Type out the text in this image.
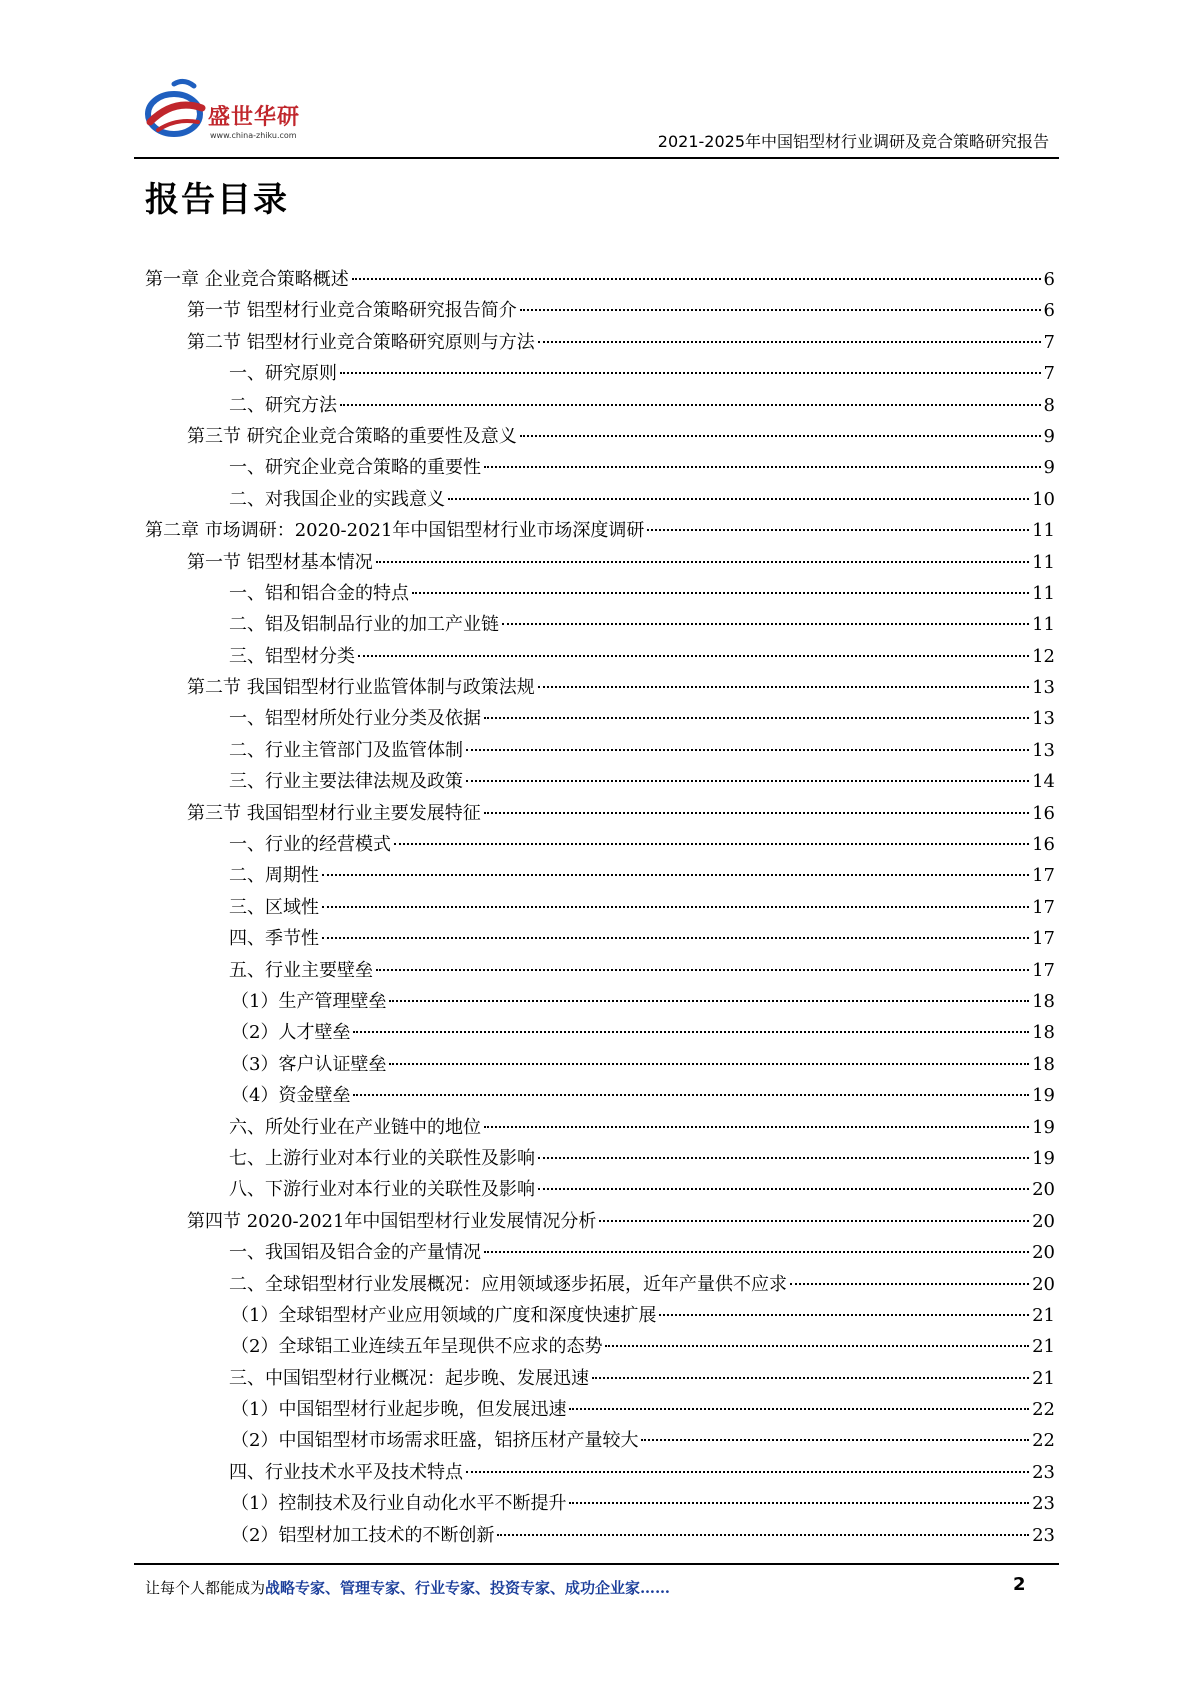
盛世华研
www.china-zhiku.com	2021-2025年中国铝型材行业调研及竞合策略研究报告
报告目录
第一章 企业竞合策略概述	6
第一节 铝型材行业竞合策略研究报告简介	6
第二节 铝型材行业竞合策略研究原则与方法	7
一、研究原则	7
二、研究方法	8
第三节 研究企业竞合策略的重要性及意义	9
一、研究企业竞合策略的重要性	9
二、对我国企业的实践意义	10
第二章 市场调研：2020-2021年中国铝型材行业市场深度调研	11
第一节 铝型材基本情况	11
一、铝和铝合金的特点	11
二、铝及铝制品行业的加工产业链	11
三、铝型材分类	12
第二节 我国铝型材行业监管体制与政策法规	13
一、铝型材所处行业分类及依据	13
二、行业主管部门及监管体制	13
三、行业主要法律法规及政策	14
第三节 我国铝型材行业主要发展特征	16
一、行业的经营模式	16
二、周期性	17
三、区域性	17
四、季节性	17
五、行业主要壁垒	17
（1）生产管理壁垒	18
（2）人才壁垒	18
（3）客户认证壁垒	18
（4）资金壁垒	19
六、所处行业在产业链中的地位	19
七、上游行业对本行业的关联性及影响	19
八、下游行业对本行业的关联性及影响	20
第四节 2020-2021年中国铝型材行业发展情况分析	20
一、我国铝及铝合金的产量情况	20
二、全球铝型材行业发展概况：应用领域逐步拓展，近年产量供不应求	20
（1）全球铝型材产业应用领域的广度和深度快速扩展	21
（2）全球铝工业连续五年呈现供不应求的态势	21
三、中国铝型材行业概况：起步晚、发展迅速	21
（1）中国铝型材行业起步晚，但发展迅速	22
（2）中国铝型材市场需求旺盛，铝挤压材产量较大	22
四、行业技术水平及技术特点	23
（1）控制技术及行业自动化水平不断提升	23
（2）铝型材加工技术的不断创新	23
让每个人都能成为战略专家、管理专家、行业专家、投资专家、成功企业家……	2
